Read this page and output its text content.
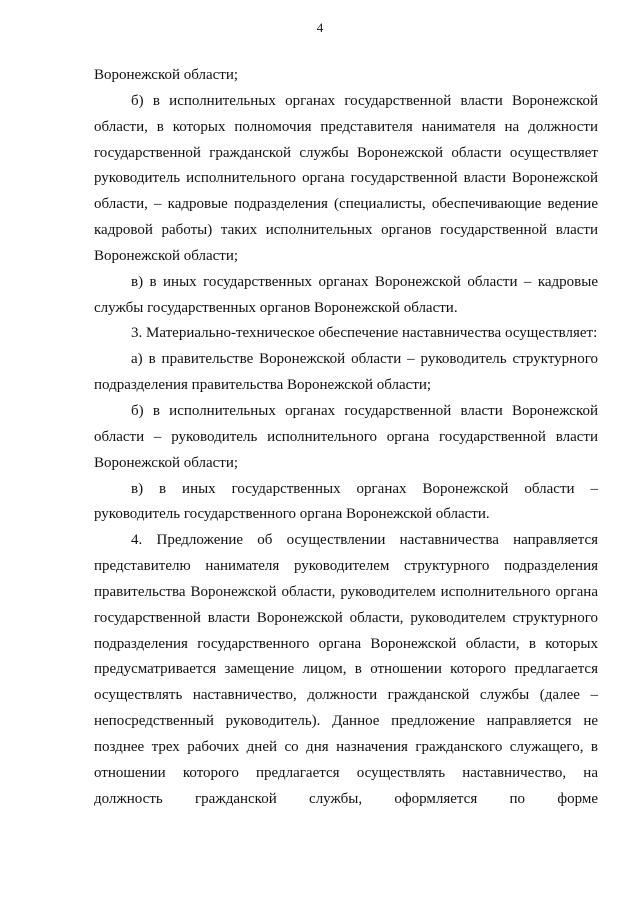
4

Воронежской области;

б) в исполнительных органах государственной власти Воронежской области, в которых полномочия представителя нанимателя на должности государственной гражданской службы Воронежской области осуществляет руководитель исполнительного органа государственной власти Воронежской области, – кадровые подразделения (специалисты, обеспечивающие ведение кадровой работы) таких исполнительных органов государственной власти Воронежской области;

в) в иных государственных органах Воронежской области – кадровые службы государственных органов Воронежской области.

3. Материально-техническое обеспечение наставничества осуществляет:

а) в правительстве Воронежской области – руководитель структурного подразделения правительства Воронежской области;

б) в исполнительных органах государственной власти Воронежской области – руководитель исполнительного органа государственной власти Воронежской области;

в) в иных государственных органах Воронежской области – руководитель государственного органа Воронежской области.

4. Предложение об осуществлении наставничества направляется представителю нанимателя руководителем структурного подразделения правительства Воронежской области, руководителем исполнительного органа государственной власти Воронежской области, руководителем структурного подразделения государственного органа Воронежской области, в которых предусматривается замещение лицом, в отношении которого предлагается осуществлять наставничество, должности гражданской службы (далее – непосредственный руководитель). Данное предложение направляется не позднее трех рабочих дней со дня назначения гражданского служащего, в отношении которого предлагается осуществлять наставничество, на должность гражданской службы, оформляется по форме
